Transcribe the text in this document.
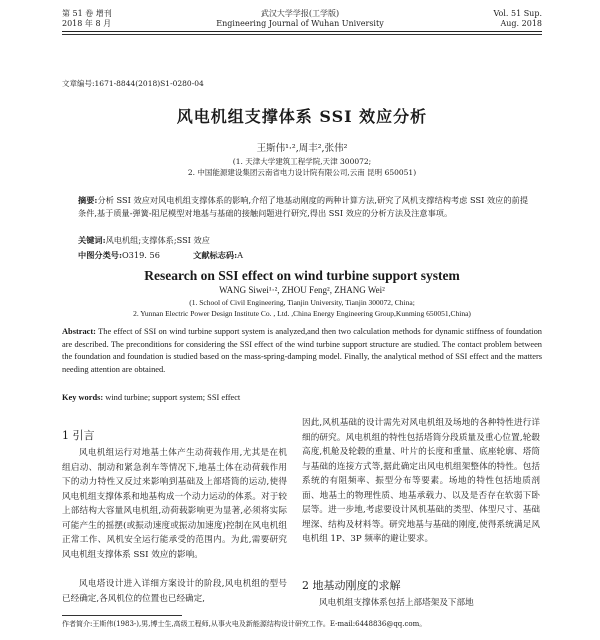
第 51 卷 增刊
2018 年 8 月
武汉大学学报(工学版)
Engineering Journal of Wuhan University
Vol. 51 Sup.
Aug. 2018
文章编号:1671-8844(2018)S1-0280-04
风电机组支撑体系 SSI 效应分析
王斯伟¹·²,周丰²,张伟²
(1. 天津大学建筑工程学院,天津 300072;
2. 中国能源建设集团云南省电力设计院有限公司,云南 昆明 650051)
摘要:分析 SSI 效应对风电机组支撑体系的影响,介绍了地基动刚度的两种计算方法,研究了风机支撑结构考虑 SSI 效应的前提条件,基于质量-弹簧-阻尼模型对地基与基础的接触问题进行研究,得出 SSI 效应的分析方法及注意事项。
关键词:风电机组;支撑体系;SSI 效应
中图分类号:O319. 56	文献标志码:A
Research on SSI effect on wind turbine support system
WANG Siwei¹·², ZHOU Feng², ZHANG Wei²
(1. School of Civil Engineering, Tianjin University, Tianjin 300072, China;
2. Yunnan Electric Power Design Institute Co. , Ltd. ,China Energy Engineering Group,Kunming 650051,China)
Abstract: The effect of SSI on wind turbine support system is analyzed,and then two calculation methods for dynamic stiffness of foundation are described. The preconditions for considering the SSI effect of the wind turbine support structure are studied. The contact problem between the foundation and foundation is studied based on the mass-spring-damping model. Finally, the analytical method of SSI effect and the matters needing attention are obtained.
Key words: wind turbine; support system; SSI effect
1 引言
风电机组运行对地基土体产生动荷载作用,尤其是在机组启动、制动和紧急刹车等情况下,地基土体在动荷载作用下的动力特性又反过来影响到基础及上部塔筒的运动,使得风电机组支撑体系和地基构成一个动力运动的体系。对于较上部结构大容量风电机组,动荷载影响更为显著,必须将实际可能产生的摇摆(或振动速度或振动加速度)控制在风电机组正常工作、风机安全运行能承受的范围内。为此,需要研究风电机组支撑体系 SSI 效应的影响。
风电塔设计进入详细方案设计的阶段,风电机组的型号已经确定,各风机位的位置也已经确定,
因此,风机基础的设计需先对风电机组及场地的各种特性进行详细的研究。风电机组的特性包括塔筒分段质量及重心位置,轮毂高度,机舱及轮毂的重量、叶片的长度和重量、底座轮廓、塔筒与基础的连接方式等,据此确定出风电机组架整体的特性。包括系统的有阻频率、振型分布等要素。场地的特性包括地质剖面、地基土的物理性质、地基承载力、以及是否存在软弱下卧层等。进一步地,考虑要设计风机基础的类型、体型尺寸、基础埋深、结构及材料等。研究地基与基础的刚度,使得系统满足风电机组 1P、3P 频率的避让要求。
2 地基动刚度的求解
风电机组支撑体系包括上部塔架及下部地
作者简介:王斯伟(1983-),男,博士生,高级工程师,从事火电及新能源结构设计研究工作。E-mail:6448836@qq.com。
